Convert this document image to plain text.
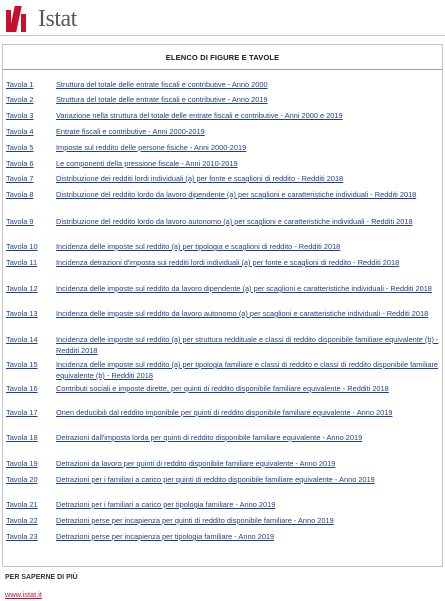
Istat
ELENCO DI FIGURE E TAVOLE
Tavola 1	Struttura del totale delle entrate fiscali e contributive - Anno 2000
Tavola 2	Struttura del totale delle entrate fiscali e contributive - Anno 2019
Tavola 3	Variazione nella struttura del totale delle entrate fiscali e contributive - Anni 2000 e 2019
Tavola 4	Entrate fiscali e contributive - Anni 2000-2019
Tavola 5	Imposte sul reddito delle persone fisiche - Anni 2000-2019
Tavola 6	Le componenti della pressione fiscale - Anni 2010-2019
Tavola 7	Distribuzione dei redditi lordi individuali (a) per fonte e scaglioni di reddito - Redditi 2018
Tavola 8	Distribuzione del reddito lordo da lavoro dipendente (a) per scaglioni e caratteristiche individuali - Redditi 2018
Tavola 9	Distribuzione del reddito lordo da lavoro autonomo (a) per scaglioni e caratteristiche individuali - Redditi 2018
Tavola 10 Incidenza delle imposte sul reddito (a) per tipologia e scaglioni di reddito - Redditi 2018
Tavola 11	Incidenza detrazioni d'imposta sui redditi lordi individuali (a) per fonte e scaglioni di reddito - Redditi 2018
Tavola 12 Incidenza delle imposte sul reddito da lavoro dipendente (a) per scaglioni e caratteristiche individuali - Redditi 2018
Tavola 13 Incidenza delle imposte sul reddito da lavoro autonomo (a) per scaglioni e caratteristiche individuali - Redditi 2018
Tavola 14 Incidenza delle imposte sul reddito (a) per struttura reddituale e classi di reddito disponibile familiare equivalente (b) - Redditi 2018
Tavola 15 Incidenza delle imposte sul reddito (a) per tipologia familiare e classi di reddito e classi di reddito disponibile familiare equivalente (b) - Redditi 2018
Tavola 16 Contributi sociali e imposte dirette, per quinti di reddito disponibile familiare equivalente - Redditi 2018
Tavola 17 Oneri deducibili dal reddito imponibile per quinti di reddito disponibile familiare equivalente - Anno 2019
Tavola 18 Detrazioni dall'imposta lorda per quinti di reddito disponibile familiare equivalente - Anno 2019
Tavola 19 Detrazioni da lavoro per quinti di reddito disponibile familiare equivalente - Anno 2019
Tavola 20 Detrazioni per i familiari a carico per quinti di reddito disponibile familiare equivalente - Anno 2019
Tavola 21 Detrazioni per i familiari a carico per tipologia familiare - Anno 2019
Tavola 22 Detrazioni perse per incapienza per quinti di reddito disponibile familiare - Anno 2019
Tavola 23 Detrazioni perse per incapienza per tipologia familiare - Anno 2019
PER SAPERNE DI PIÙ
www.istat.it
